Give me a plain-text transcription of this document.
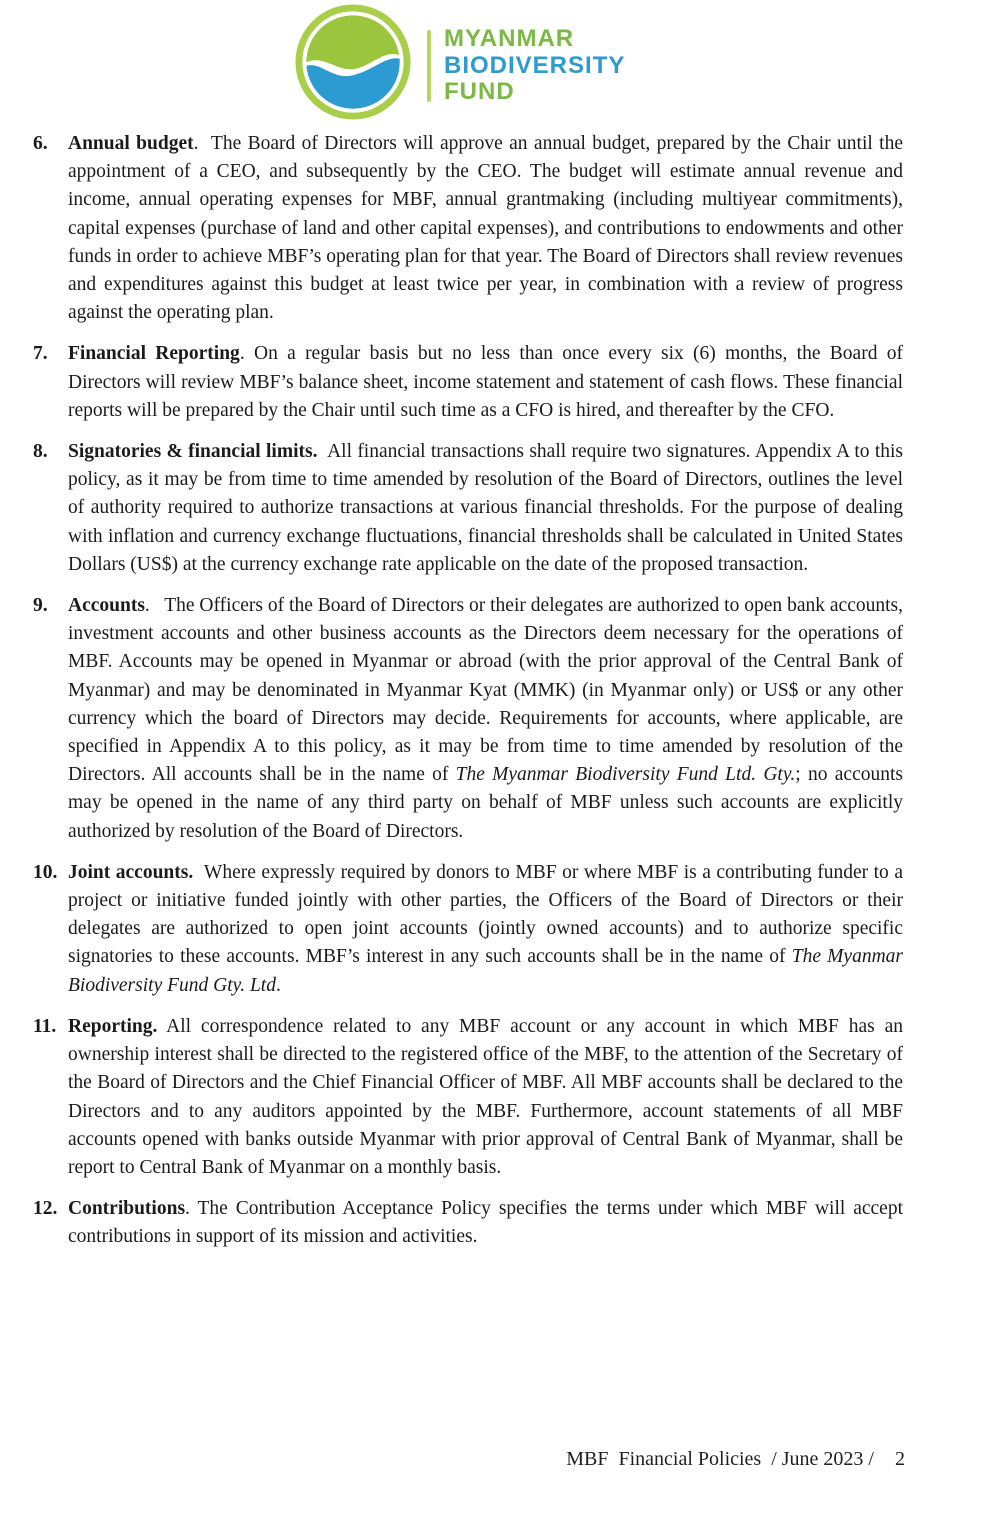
MYANMAR
BIODIVERSITY
FUND
6. Annual budget.  The Board of Directors will approve an annual budget, prepared by the Chair until the appointment of a CEO, and subsequently by the CEO. The budget will estimate annual revenue and income, annual operating expenses for MBF, annual grantmaking (including multiyear commitments), capital expenses (purchase of land and other capital expenses), and contributions to endowments and other funds in order to achieve MBF’s operating plan for that year. The Board of Directors shall review revenues and expenditures against this budget at least twice per year, in combination with a review of progress against the operating plan.
7. Financial Reporting. On a regular basis but no less than once every six (6) months, the Board of Directors will review MBF’s balance sheet, income statement and statement of cash flows. These financial reports will be prepared by the Chair until such time as a CFO is hired, and thereafter by the CFO.
8. Signatories & financial limits. All financial transactions shall require two signatures. Appendix A to this policy, as it may be from time to time amended by resolution of the Board of Directors, outlines the level of authority required to authorize transactions at various financial thresholds. For the purpose of dealing with inflation and currency exchange fluctuations, financial thresholds shall be calculated in United States Dollars (US$) at the currency exchange rate applicable on the date of the proposed transaction.
9. Accounts.   The Officers of the Board of Directors or their delegates are authorized to open bank accounts, investment accounts and other business accounts as the Directors deem necessary for the operations of MBF. Accounts may be opened in Myanmar or abroad (with the prior approval of the Central Bank of Myanmar) and may be denominated in Myanmar Kyat (MMK) (in Myanmar only) or US$ or any other currency which the board of Directors may decide. Requirements for accounts, where applicable, are specified in Appendix A to this policy, as it may be from time to time amended by resolution of the Directors. All accounts shall be in the name of The Myanmar Biodiversity Fund Ltd. Gty.; no accounts may be opened in the name of any third party on behalf of MBF unless such accounts are explicitly authorized by resolution of the Board of Directors.
10. Joint accounts. Where expressly required by donors to MBF or where MBF is a contributing funder to a project or initiative funded jointly with other parties, the Officers of the Board of Directors or their delegates are authorized to open joint accounts (jointly owned accounts) and to authorize specific signatories to these accounts. MBF’s interest in any such accounts shall be in the name of The Myanmar Biodiversity Fund Gty. Ltd.
11. Reporting. All correspondence related to any MBF account or any account in which MBF has an ownership interest shall be directed to the registered office of the MBF, to the attention of the Secretary of the Board of Directors and the Chief Financial Officer of MBF. All MBF accounts shall be declared to the Directors and to any auditors appointed by the MBF. Furthermore, account statements of all MBF accounts opened with banks outside Myanmar with prior approval of Central Bank of Myanmar, shall be report to Central Bank of Myanmar on a monthly basis.
12. Contributions. The Contribution Acceptance Policy specifies the terms under which MBF will accept contributions in support of its mission and activities.
MBF  Financial Policies  / June 2023 / 2
